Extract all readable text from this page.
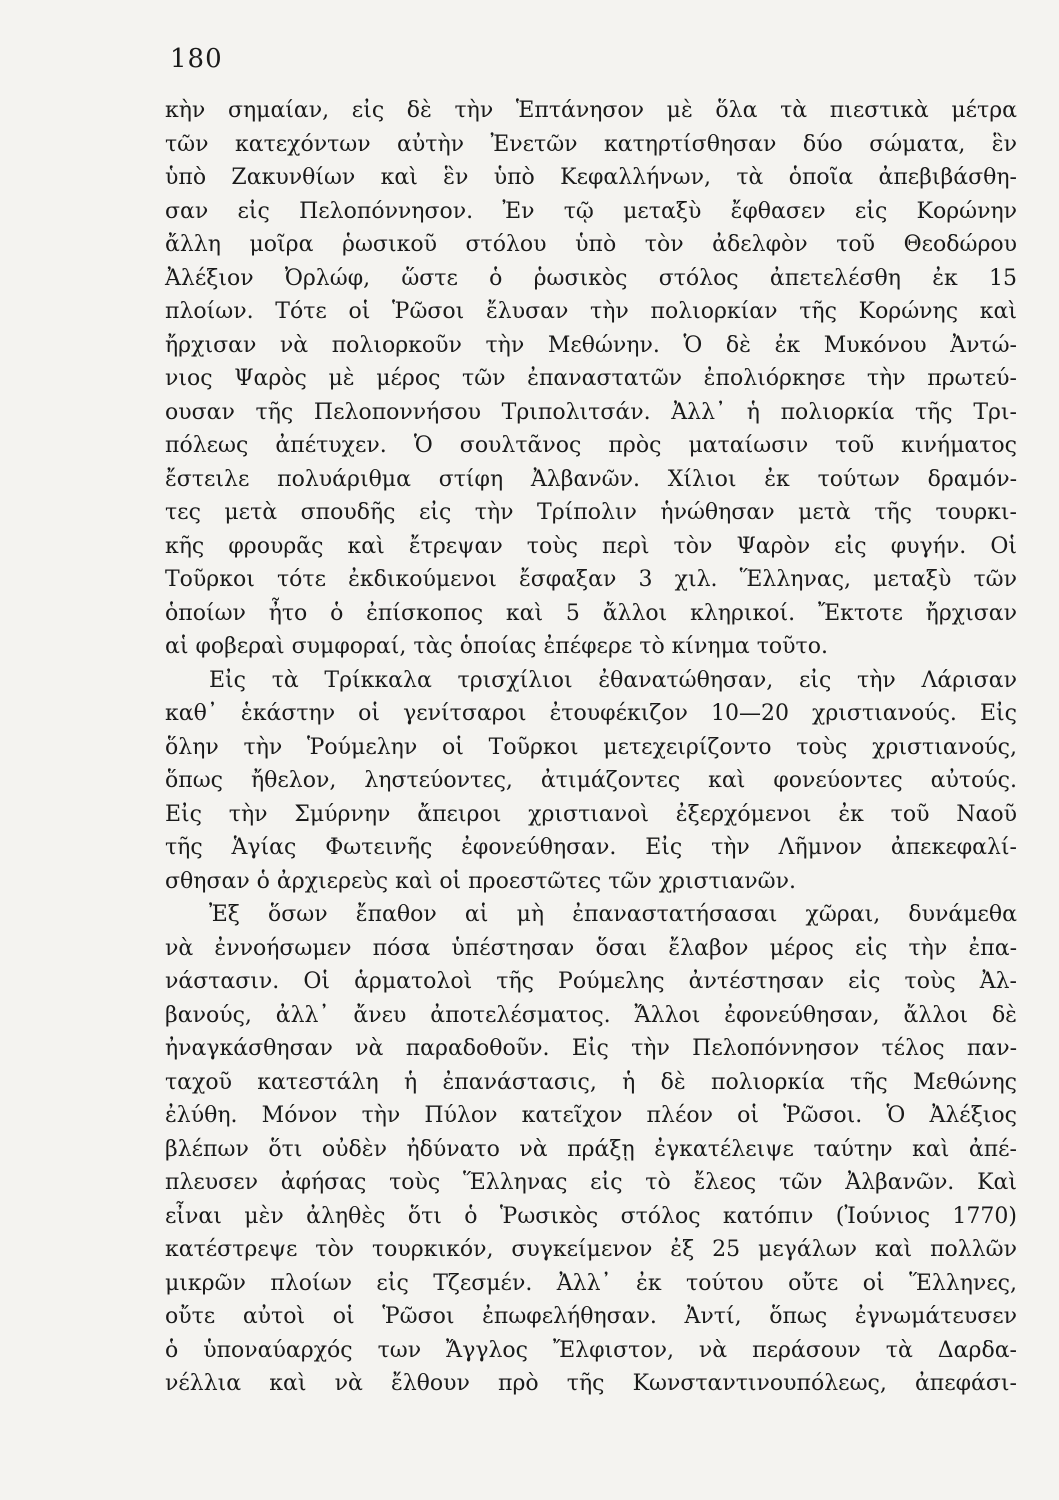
180
κὴν σημαίαν, εἰς δὲ τὴν Ἑπτάνησον μὲ ὅλα τὰ πιεστικὰ μέτρα
τῶν κατεχόντων αὐτὴν Ἐνετῶν κατηρτίσθησαν δύο σώματα, ἓν
ὑπὸ Ζακυνθίων καὶ ἓν ὑπὸ Κεφαλλήνων, τὰ ὁποῖα ἀπεβιβάσθη-
σαν εἰς Πελοπόννησον. Ἐν τῷ μεταξὺ ἔφθασεν εἰς Κορώνην
ἄλλη μοῖρα ῥωσικοῦ στόλου ὑπὸ τὸν ἀδελφὸν τοῦ Θεοδώρου
Ἀλέξιον Ὀρλώφ, ὥστε ὁ ῥωσικὸς στόλος ἀπετελέσθη ἐκ 15
πλοίων. Τότε οἱ Ῥῶσοι ἔλυσαν τὴν πολιορκίαν τῆς Κορώνης καὶ
ἤρχισαν νὰ πολιορκοῦν τὴν Μεθώνην. Ὁ δὲ ἐκ Μυκόνου Ἀντώ-
νιος Ψαρὸς μὲ μέρος τῶν ἐπαναστατῶν ἐπολιόρκησε τὴν πρωτεύ-
ουσαν τῆς Πελοποννήσου Τριπολιτσάν. Ἀλλ᾽ ἡ πολιορκία τῆς Τρι-
πόλεως ἀπέτυχεν. Ὁ σουλτᾶνος πρὸς ματαίωσιν τοῦ κινήματος
ἔστειλε πολυάριθμα στίφη Ἀλβανῶν. Χίλιοι ἐκ τούτων δραμόν-
τες μετὰ σπουδῆς εἰς τὴν Τρίπολιν ἡνώθησαν μετὰ τῆς τουρκι-
κῆς φρουρᾶς καὶ ἔτρεψαν τοὺς περὶ τὸν Ψαρὸν εἰς φυγήν. Οἱ
Τοῦρκοι τότε ἐκδικούμενοι ἔσφαξαν 3 χιλ. Ἕλληνας, μεταξὺ τῶν
ὁποίων ἦτο ὁ ἐπίσκοπος καὶ 5 ἄλλοι κληρικοί. Ἔκτοτε ἤρχισαν
αἱ φοβεραὶ συμφοραί, τὰς ὁποίας ἐπέφερε τὸ κίνημα τοῦτο.
Εἰς τὰ Τρίκκαλα τρισχίλιοι ἐθανατώθησαν, εἰς τὴν Λάρισαν
καθ᾽ ἑκάστην οἱ γενίτσαροι ἐτουφέκιζον 10—20 χριστιανούς. Εἰς
ὅλην τὴν Ῥούμελην οἱ Τοῦρκοι μετεχειρίζοντο τοὺς χριστιανούς,
ὅπως ἤθελον, ληστεύοντες, ἀτιμάζοντες καὶ φονεύοντες αὐτούς.
Εἰς τὴν Σμύρνην ἄπειροι χριστιανοὶ ἐξερχόμενοι ἐκ τοῦ Ναοῦ
τῆς Ἁγίας Φωτεινῆς ἐφονεύθησαν. Εἰς τὴν Λῆμνον ἀπεκεφαλί-
σθησαν ὁ ἀρχιερεὺς καὶ οἱ προεστῶτες τῶν χριστιανῶν.
Ἐξ ὅσων ἔπαθον αἱ μὴ ἐπαναστατήσασαι χῶραι, δυνάμεθα
νὰ ἐννοήσωμεν πόσα ὑπέστησαν ὅσαι ἔλαβον μέρος εἰς τὴν ἐπα-
νάστασιν. Οἱ ἁρματολοὶ τῆς Ρούμελης ἀντέστησαν εἰς τοὺς Ἀλ-
βανούς, ἀλλ᾽ ἄνευ ἀποτελέσματος. Ἄλλοι ἐφονεύθησαν, ἄλλοι δὲ
ἠναγκάσθησαν νὰ παραδοθοῦν. Εἰς τὴν Πελοπόννησον τέλος παν-
ταχοῦ κατεστάλη ἡ ἐπανάστασις, ἡ δὲ πολιορκία τῆς Μεθώνης
ἐλύθη. Μόνον τὴν Πύλον κατεῖχον πλέον οἱ Ῥῶσοι. Ὁ Ἀλέξιος
βλέπων ὅτι οὐδὲν ἠδύνατο νὰ πράξῃ ἐγκατέλειψε ταύτην καὶ ἀπέ-
πλευσεν ἀφήσας τοὺς Ἕλληνας εἰς τὸ ἔλεος τῶν Ἀλβανῶν. Καὶ
εἶναι μὲν ἀληθὲς ὅτι ὁ Ῥωσικὸς στόλος κατόπιν (Ἰούνιος 1770)
κατέστρεψε τὸν τουρκικόν, συγκείμενον ἐξ 25 μεγάλων καὶ πολλῶν
μικρῶν πλοίων εἰς Τζεσμέν. Ἀλλ᾽ ἐκ τούτου οὔτε οἱ Ἕλληνες,
οὔτε αὐτοὶ οἱ Ῥῶσοι ἐπωφελήθησαν. Ἀντί, ὅπως ἐγνωμάτευσεν
ὁ ὑποναύαρχός των Ἄγγλος Ἔλφιστον, νὰ περάσουν τὰ Δαρδα-
νέλλια καὶ νὰ ἔλθουν πρὸ τῆς Κωνσταντινουπόλεως, ἀπεφάσι-
